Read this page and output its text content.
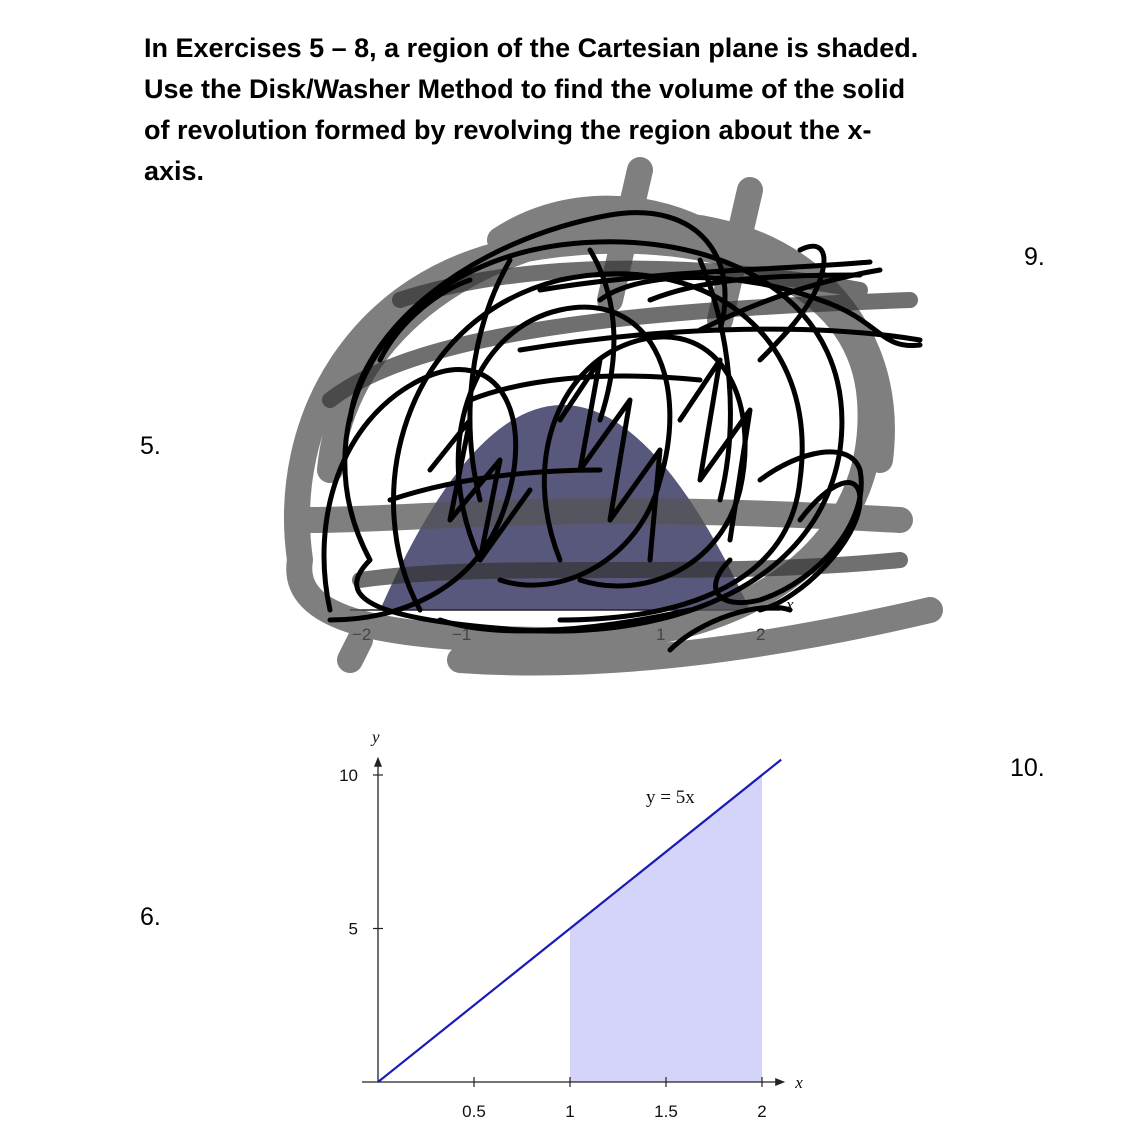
In Exercises 5 – 8, a region of the Cartesian plane is shaded.
Use the Disk/Washer Method to find the volume of the solid
of revolution formed by revolving the region about the x-
axis.
5.
6.
9.
10.
−2	−1	1	2
x
0.5	1	1.5	2
5
10
y = 5x
x
y
